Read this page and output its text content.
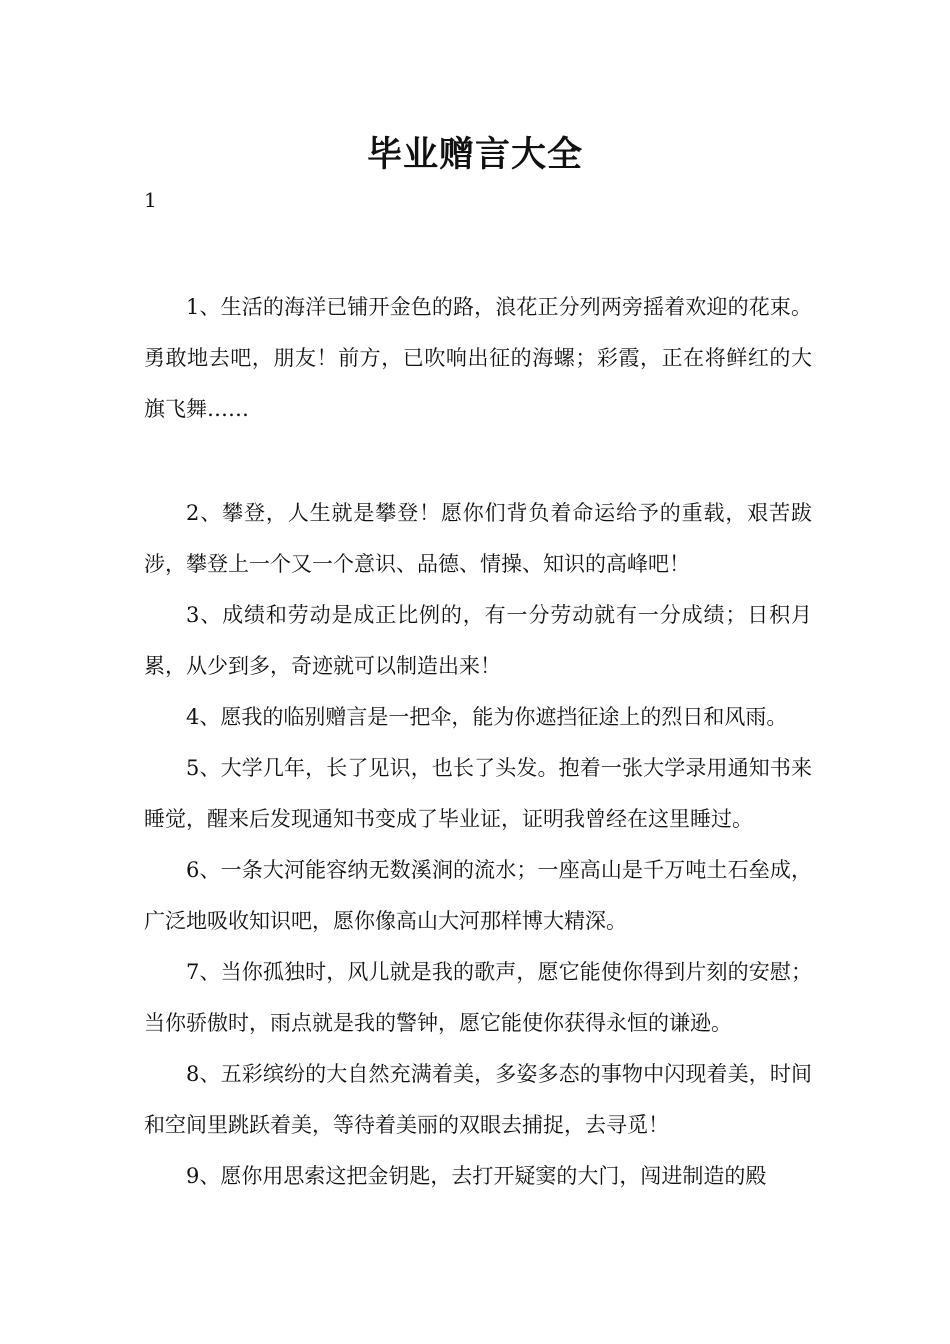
毕业赠言大全
1

1、生活的海洋已铺开金色的路，浪花正分列两旁摇着欢迎的花束。勇敢地去吧，朋友！前方，已吹响出征的海螺；彩霞，正在将鲜红的大旗飞舞……

2、攀登，人生就是攀登！愿你们背负着命运给予的重载，艰苦跋涉，攀登上一个又一个意识、品德、情操、知识的高峰吧！

3、成绩和劳动是成正比例的，有一分劳动就有一分成绩；日积月累，从少到多，奇迹就可以制造出来！

4、愿我的临别赠言是一把伞，能为你遮挡征途上的烈日和风雨。

5、大学几年，长了见识，也长了头发。抱着一张大学录用通知书来睡觉，醒来后发现通知书变成了毕业证，证明我曾经在这里睡过。

6、一条大河能容纳无数溪涧的流水；一座高山是千万吨土石垒成，广泛地吸收知识吧，愿你像高山大河那样博大精深。

7、当你孤独时，风儿就是我的歌声，愿它能使你得到片刻的安慰；当你骄傲时，雨点就是我的警钟，愿它能使你获得永恒的谦逊。

8、五彩缤纷的大自然充满着美，多姿多态的事物中闪现着美，时间和空间里跳跃着美，等待着美丽的双眼去捕捉，去寻觅！

9、愿你用思索这把金钥匙，去打开疑窦的大门，闯进制造的殿
